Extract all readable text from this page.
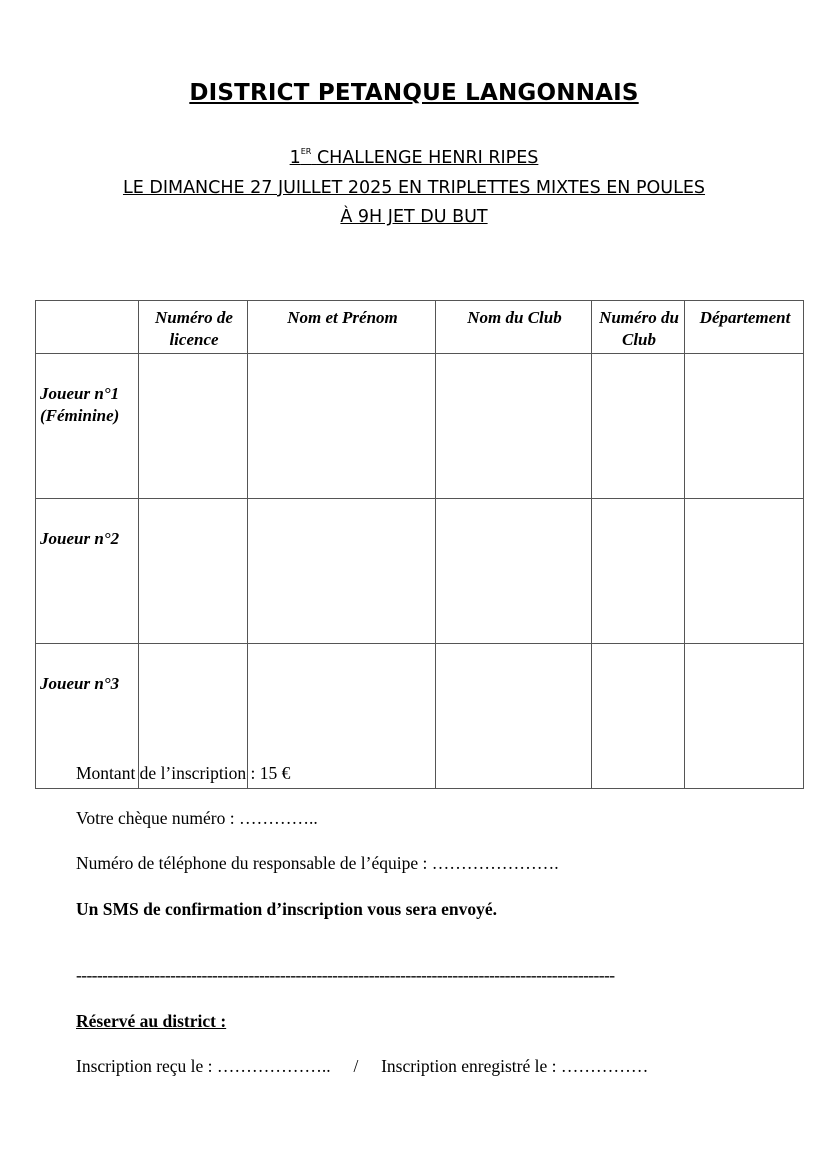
DISTRICT PETANQUE LANGONNAIS
1ER CHALLENGE HENRI RIPES
LE DIMANCHE 27 JUILLET 2025 EN TRIPLETTES MIXTES EN POULES
À 9H JET DU BUT
	Numéro de licence	Nom et Prénom	Nom du Club	Numéro du Club	Département
Joueur n°1 (Féminine)					
Joueur n°2					
Joueur n°3					
Montant de l’inscription : 15 €
Votre chèque numéro : …………..
Numéro de téléphone du responsable de l’équipe : ………………….
Un SMS de confirmation d’inscription vous sera envoyé.
-------------------------------------------------------------------------------------------------------
Réservé au district :
Inscription reçu le : ……………….. / Inscription enregistré le : ……………
